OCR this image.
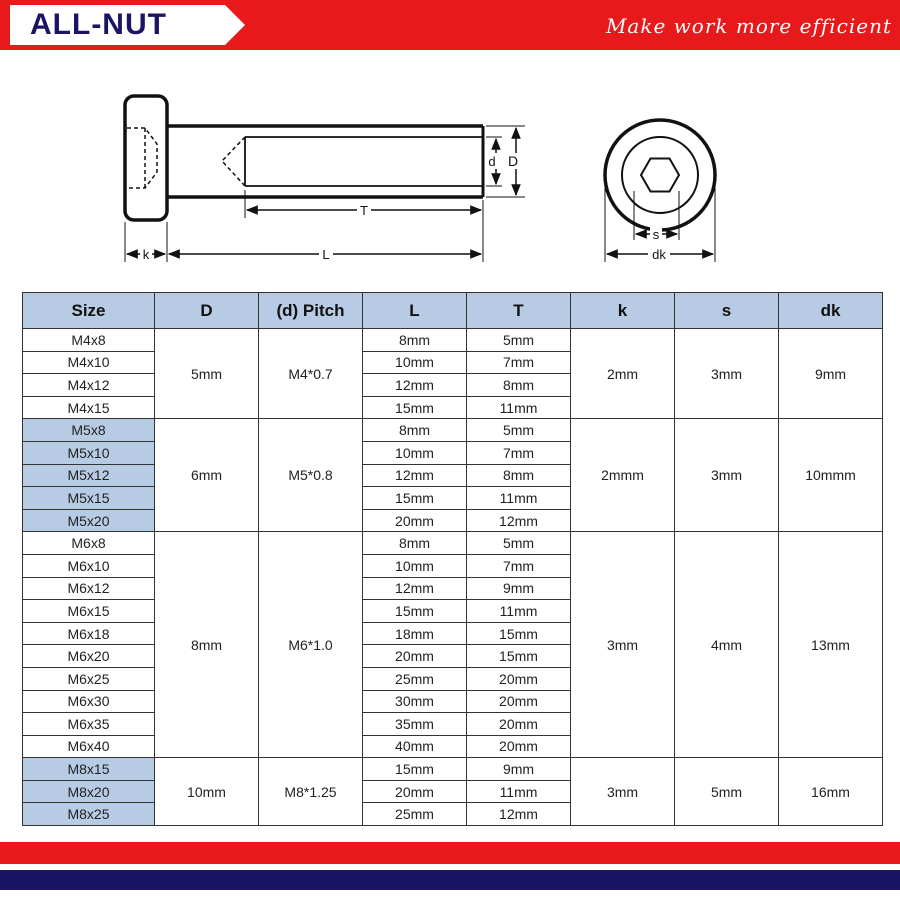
ALL-NUT	Make work more efficient
k	L
T
d D
s
dk
Size	D	(d) Pitch	L	T	k	s	dk
M4x8	5mm	M4*0.7	8mm	5mm	2mm	3mm	9mm
M4x10			10mm	7mm			
M4x12			12mm	8mm			
M4x15			15mm	11mm			
M5x8	6mm	M5*0.8	8mm	5mm	2mmm	3mm	10mmm
M5x10			10mm	7mm			
M5x12			12mm	8mm			
M5x15			15mm	11mm			
M5x20			20mm	12mm			
M6x8	8mm	M6*1.0	8mm	5mm	3mm	4mm	13mm
M6x10			10mm	7mm			
M6x12			12mm	9mm			
M6x15			15mm	11mm			
M6x18			18mm	15mm			
M6x20			20mm	15mm			
M6x25			25mm	20mm			
M6x30			30mm	20mm			
M6x35			35mm	20mm			
M6x40			40mm	20mm			
M8x15	10mm	M8*1.25	15mm	9mm	3mm	5mm	16mm
M8x20			20mm	11mm			
M8x25			25mm	12mm			
